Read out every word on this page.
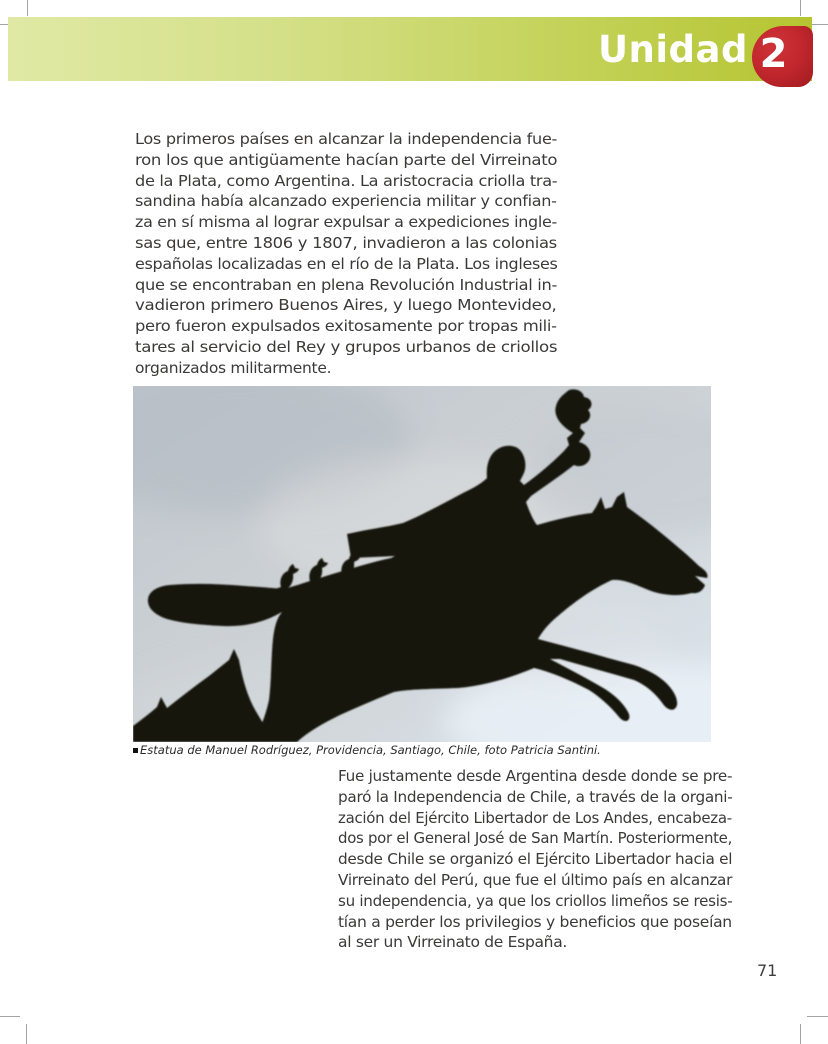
Unidad 2
Los primeros países en alcanzar la independencia fue-
ron los que antigüamente hacían parte del Virreinato
de la Plata, como Argentina. La aristocracia criolla tra-
sandina había alcanzado experiencia militar y confian-
za en sí misma al lograr expulsar a expediciones ingle-
sas que, entre 1806 y 1807, invadieron a las colonias
españolas localizadas en el río de la Plata. Los ingleses
que se encontraban en plena Revolución Industrial in-
vadieron primero Buenos Aires, y luego Montevideo,
pero fueron expulsados exitosamente por tropas mili-
tares al servicio del Rey y grupos urbanos de criollos
organizados militarmente.
Estatua de Manuel Rodríguez, Providencia, Santiago, Chile, foto Patricia Santini.
Fue justamente desde Argentina desde donde se pre-
paró la Independencia de Chile, a través de la organi-
zación del Ejército Libertador de Los Andes, encabeza-
dos por el General José de San Martín. Posteriormente,
desde Chile se organizó el Ejército Libertador hacia el
Virreinato del Perú, que fue el último país en alcanzar
su independencia, ya que los criollos limeños se resis-
tían a perder los privilegios y beneficios que poseían
al ser un Virreinato de España.
71
